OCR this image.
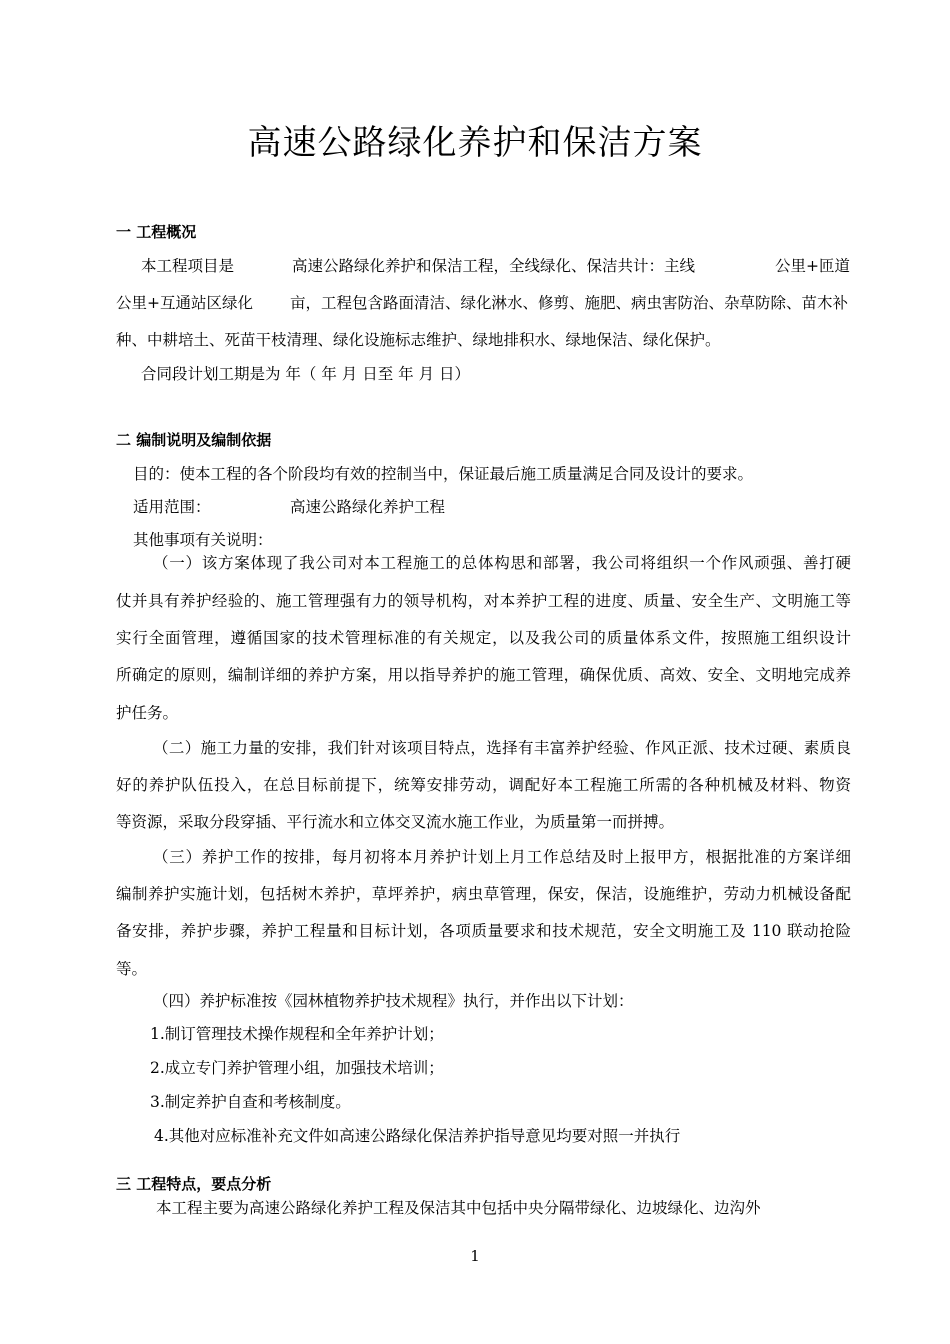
高速公路绿化养护和保洁方案
一 工程概况
本工程项目是	高速公路绿化养护和保洁工程，全线绿化、保洁共计：主线	公里+匝道
公里+互通站区绿化 亩，工程包含路面清洁、绿化淋水、修剪、施肥、病虫害防治、杂草防除、苗木补
种、中耕培土、死苗干枝清理、绿化设施标志维护、绿地排积水、绿地保洁、绿化保护。
合同段计划工期是为 年（ 年 月 日至 年 月 日）
二 编制说明及编制依据
目的：使本工程的各个阶段均有效的控制当中，保证最后施工质量满足合同及设计的要求。
适用范围：	高速公路绿化养护工程
其他事项有关说明：
（一）该方案体现了我公司对本工程施工的总体构思和部署，我公司将组织一个作风顽强、善打硬
仗并具有养护经验的、施工管理强有力的领导机构，对本养护工程的进度、质量、安全生产、文明施工等
实行全面管理，遵循国家的技术管理标准的有关规定，以及我公司的质量体系文件，按照施工组织设计
所确定的原则，编制详细的养护方案，用以指导养护的施工管理，确保优质、高效、安全、文明地完成养
护任务。
（二）施工力量的安排，我们针对该项目特点，选择有丰富养护经验、作风正派、技术过硬、素质良
好的养护队伍投入，在总目标前提下，统筹安排劳动，调配好本工程施工所需的各种机械及材料、物资
等资源，采取分段穿插、平行流水和立体交叉流水施工作业，为质量第一而拼搏。
（三）养护工作的按排，每月初将本月养护计划上月工作总结及时上报甲方，根据批准的方案详细
编制养护实施计划，包括树木养护，草坪养护，病虫草管理，保安，保洁，设施维护，劳动力机械设备配
备安排，养护步骤，养护工程量和目标计划，各项质量要求和技术规范，安全文明施工及 110 联动抢险
等。
（四）养护标准按《园林植物养护技术规程》执行，并作出以下计划：
1.制订管理技术操作规程和全年养护计划；
2.成立专门养护管理小组，加强技术培训；
3.制定养护自查和考核制度。
4.其他对应标准补充文件如高速公路绿化保洁养护指导意见均要对照一并执行
三 工程特点，要点分析
本工程主要为高速公路绿化养护工程及保洁其中包括中央分隔带绿化、边坡绿化、边沟外
1
